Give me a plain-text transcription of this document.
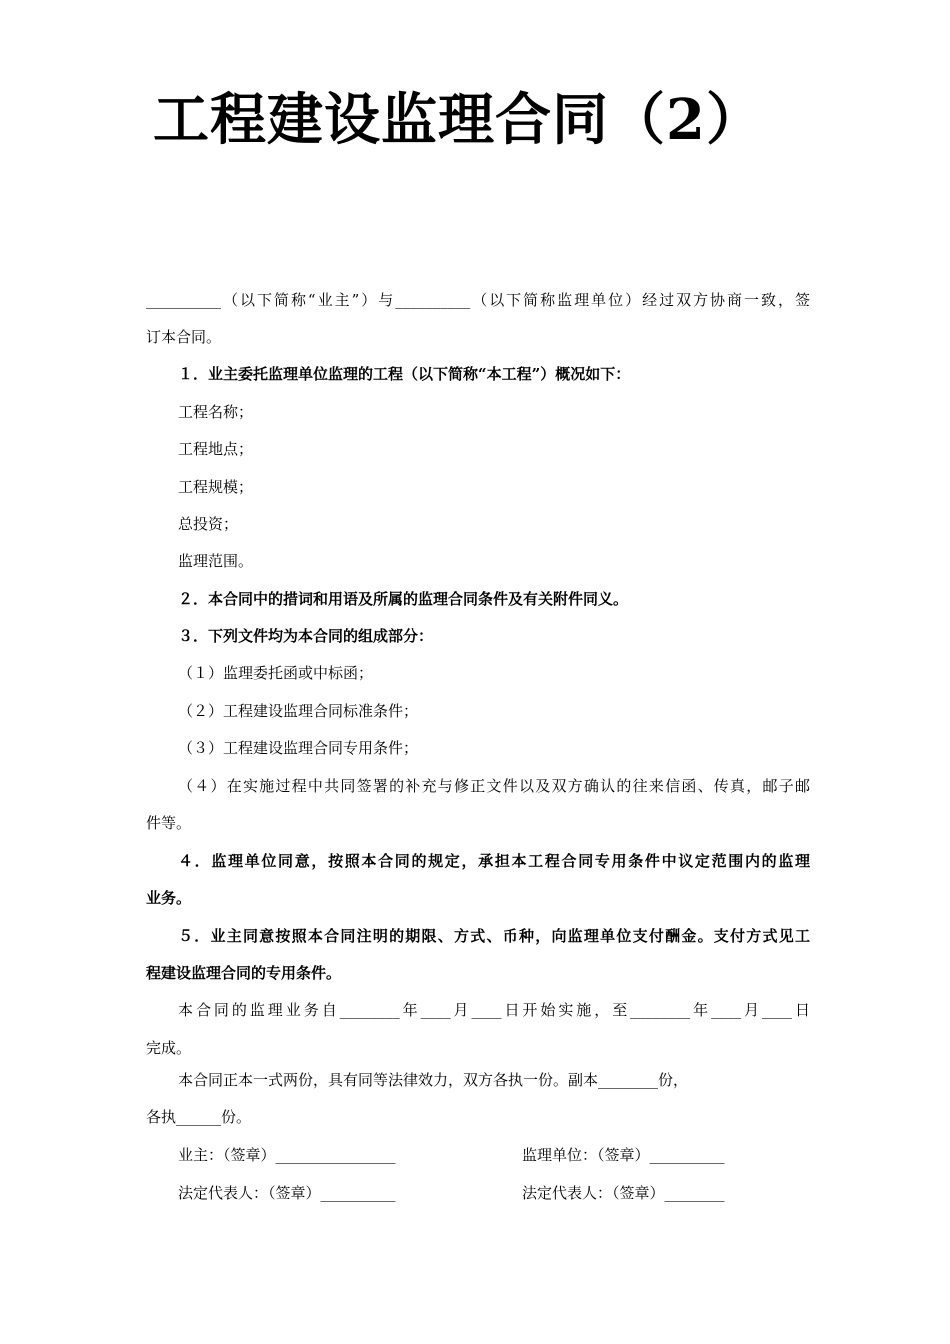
工程建设监理合同（2）
__________（以下简称“业主”）与__________（以下简称监理单位）经过双方协商一致，签
订本合同。
１．业主委托监理单位监理的工程（以下简称“本工程”）概况如下：
工程名称；
工程地点；
工程规模；
总投资；
监理范围。
２．本合同中的措词和用语及所属的监理合同条件及有关附件同义。
３．下列文件均为本合同的组成部分：
（１）监理委托函或中标函；
（２）工程建设监理合同标准条件；
（３）工程建设监理合同专用条件；
（４）在实施过程中共同签署的补充与修正文件以及双方确认的往来信函、传真，邮子邮
件等。
４．监理单位同意，按照本合同的规定，承担本工程合同专用条件中议定范围内的监理
业务。
５．业主同意按照本合同注明的期限、方式、币种，向监理单位支付酬金。支付方式见工
程建设监理合同的专用条件。
本合同的监理业务自________年____月____日开始实施，至________年____月____日
完成。
本合同正本一式两份，具有同等法律效力，双方各执一份。副本________份，
各执______份。
业主：（签章）________________	监理单位：（签章）__________
法定代表人：（签章）__________	法定代表人：（签章）________
